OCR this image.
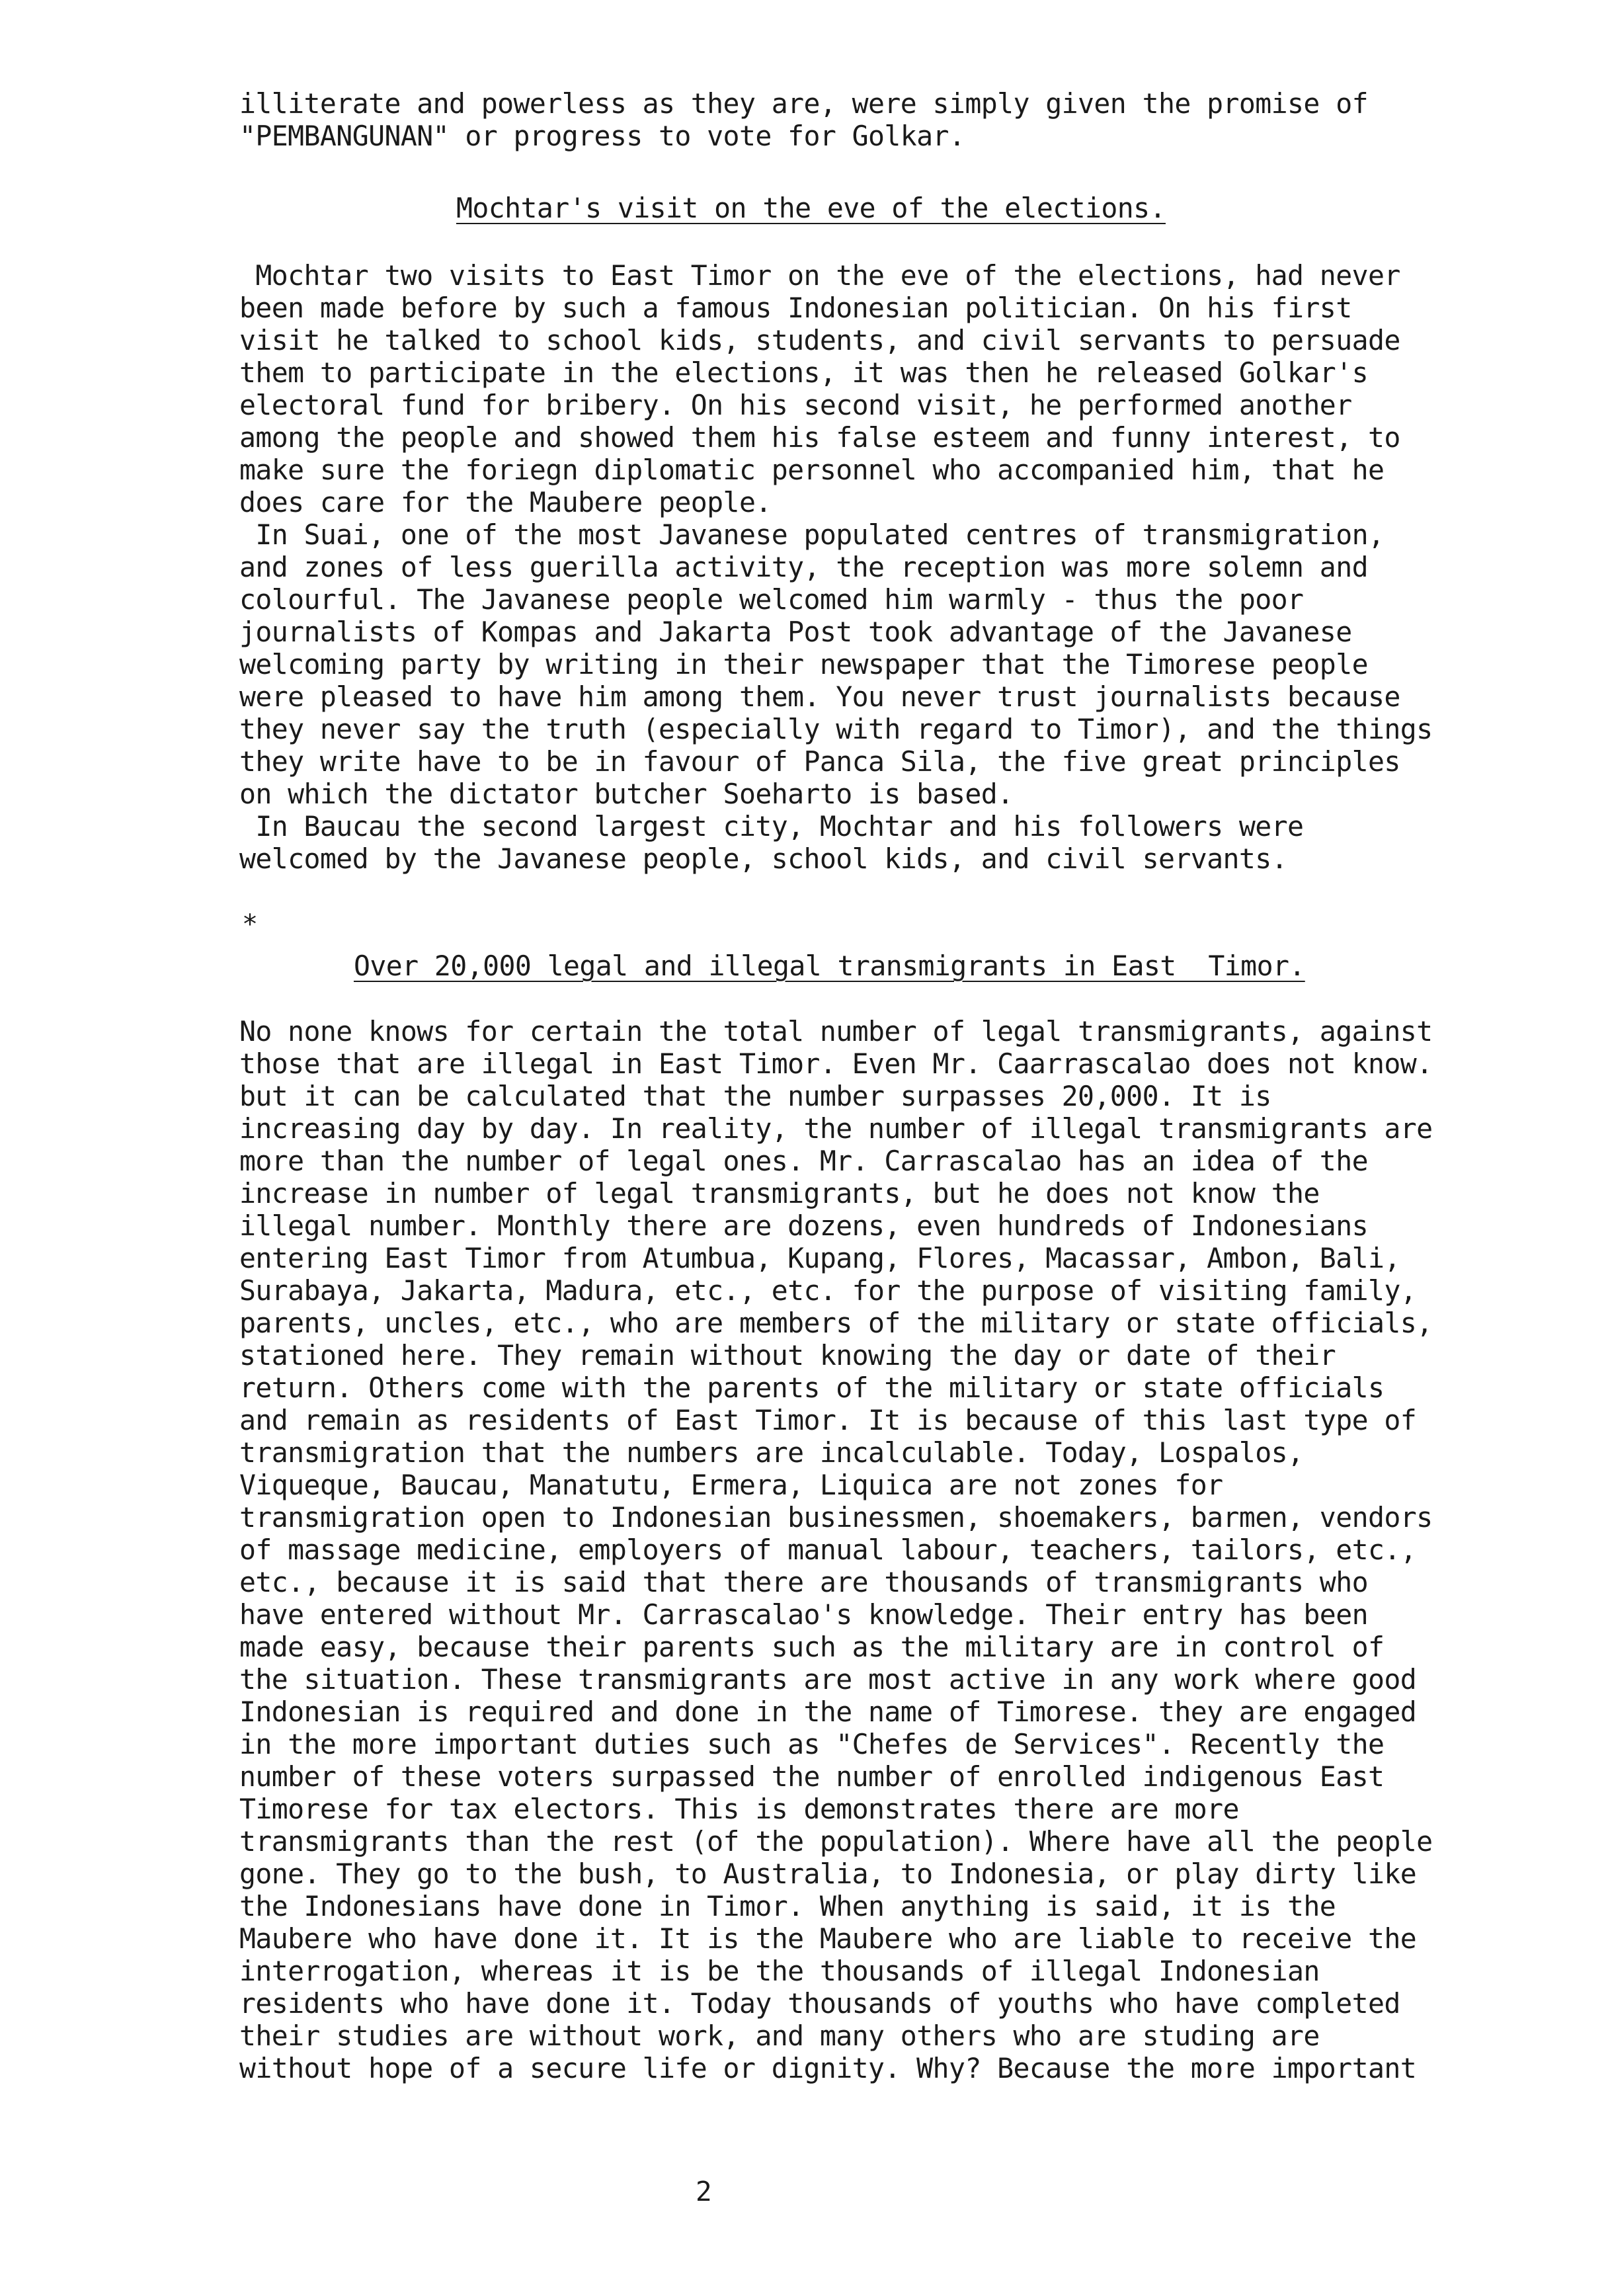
illiterate and powerless as they are, were simply given the promise of
"PEMBANGUNAN" or progress to vote for Golkar.
Mochtar's visit on the eve of the elections.
Mochtar two visits to East Timor on the eve of the elections, had never
been made before by such a famous Indonesian politician. On his first
visit he talked to school kids, students, and civil servants to persuade
them to participate in the elections, it was then he released Golkar's
electoral fund for bribery. On his second visit, he performed another
among the people and showed them his false esteem and funny interest, to
make sure the foriegn diplomatic personnel who accompanied him, that he
does care for the Maubere people.
In Suai, one of the most Javanese populated centres of transmigration,
and zones of less guerilla activity, the reception was more solemn and
colourful. The Javanese people welcomed him warmly - thus the poor
journalists of Kompas and Jakarta Post took advantage of the Javanese
welcoming party by writing in their newspaper that the Timorese people
were pleased to have him among them. You never trust journalists because
they never say the truth (especially with regard to Timor), and the things
they write have to be in favour of Panca Sila, the five great principles
on which the dictator butcher Soeharto is based.
In Baucau the second largest city, Mochtar and his followers were
welcomed by the Javanese people, school kids, and civil servants.
*
Over 20,000 legal and illegal transmigrants in East  Timor.
No none knows for certain the total number of legal transmigrants, against
those that are illegal in East Timor. Even Mr. Caarrascalao does not know.
but it can be calculated that the number surpasses 20,000. It is
increasing day by day. In reality, the number of illegal transmigrants are
more than the number of legal ones. Mr. Carrascalao has an idea of the
increase in number of legal transmigrants, but he does not know the
illegal number. Monthly there are dozens, even hundreds of Indonesians
entering East Timor from Atumbua, Kupang, Flores, Macassar, Ambon, Bali,
Surabaya, Jakarta, Madura, etc., etc. for the purpose of visiting family,
parents, uncles, etc., who are members of the military or state officials,
stationed here. They remain without knowing the day or date of their
return. Others come with the parents of the military or state officials
and remain as residents of East Timor. It is because of this last type of
transmigration that the numbers are incalculable. Today, Lospalos,
Viqueque, Baucau, Manatutu, Ermera, Liquica are not zones for
transmigration open to Indonesian businessmen, shoemakers, barmen, vendors
of massage medicine, employers of manual labour, teachers, tailors, etc.,
etc., because it is said that there are thousands of transmigrants who
have entered without Mr. Carrascalao's knowledge. Their entry has been
made easy, because their parents such as the military are in control of
the situation. These transmigrants are most active in any work where good
Indonesian is required and done in the name of Timorese. they are engaged
in the more important duties such as "Chefes de Services". Recently the
number of these voters surpassed the number of enrolled indigenous East
Timorese for tax electors. This is demonstrates there are more
transmigrants than the rest (of the population). Where have all the people
gone. They go to the bush, to Australia, to Indonesia, or play dirty like
the Indonesians have done in Timor. When anything is said, it is the
Maubere who have done it. It is the Maubere who are liable to receive the
interrogation, whereas it is be the thousands of illegal Indonesian
residents who have done it. Today thousands of youths who have completed
their studies are without work, and many others who are studing are
without hope of a secure life or dignity. Why? Because the more important
2
